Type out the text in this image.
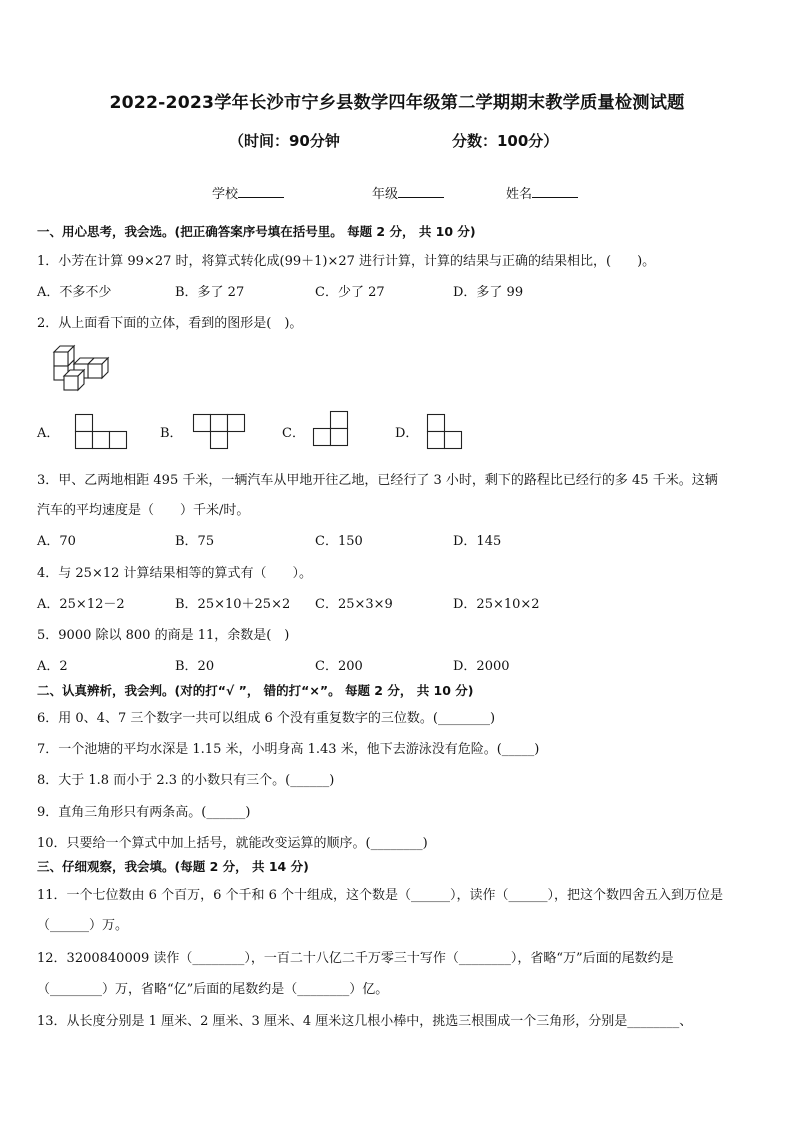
2022-2023学年长沙市宁乡县数学四年级第二学期期末教学质量检测试题
（时间：90分钟	分数：100分）
学校	年级	姓名
一、用心思考，我会选。(把正确答案序号填在括号里。 每题 2 分， 共 10 分)
1．小芳在计算 99×27 时，将算式转化成(99＋1)×27 进行计算，计算的结果与正确的结果相比，(　　)。
A．不多不少	B．多了 27	C．少了 27	D．多了 99
2．从上面看下面的立体，看到的图形是(　)。
A．	B．	C．	D．
3．甲、乙两地相距 495 千米，一辆汽车从甲地开往乙地，已经行了 3 小时，剩下的路程比已经行的多 45 千米。这辆
汽车的平均速度是（　　）千米/时。
A．70	B．75	C．150	D．145
4．与 25×12 计算结果相等的算式有（　　）。
A．25×12－2	B．25×10＋25×2 C．25×3×9	D．25×10×2
5．9000 除以 800 的商是 11，余数是(　)
A．2	B．20	C．200	D．2000
二、认真辨析，我会判。(对的打“√ ”， 错的打“×”。 每题 2 分， 共 10 分)
6．用 0、4、7 三个数字一共可以组成 6 个没有重复数字的三位数。(________)
7．一个池塘的平均水深是 1.15 米，小明身高 1.43 米，他下去游泳没有危险。(_____)
8．大于 1.8 而小于 2.3 的小数只有三个。(______)
9．直角三角形只有两条高。(______)
10．只要给一个算式中加上括号，就能改变运算的顺序。(________)
三、仔细观察，我会填。(每题 2 分， 共 14 分)
11．一个七位数由 6 个百万，6 个千和 6 个十组成，这个数是（______），读作（______），把这个数四舍五入到万位是
（______）万。
12．3200840009 读作（________），一百二十八亿二千万零三十写作（________），省略“万”后面的尾数约是
（________）万，省略“亿”后面的尾数约是（________）亿。
13．从长度分别是 1 厘米、2 厘米、3 厘米、4 厘米这几根小棒中，挑选三根围成一个三角形，分别是________、
